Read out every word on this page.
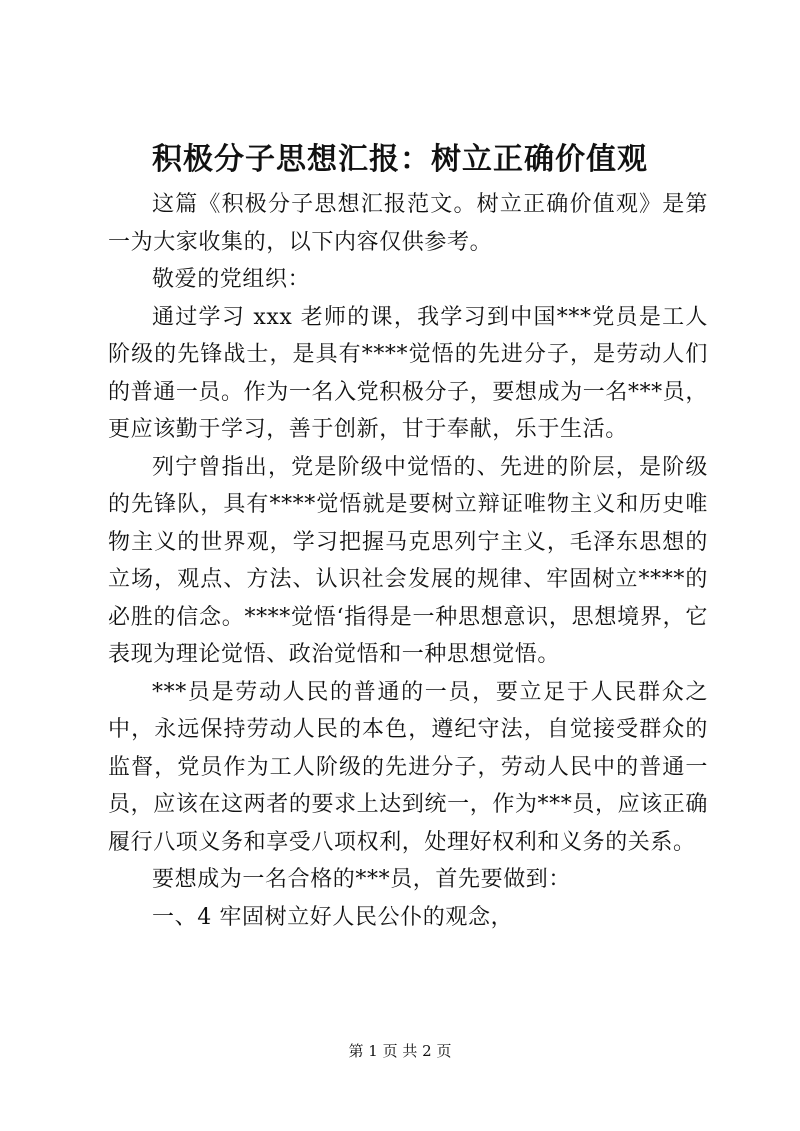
积极分子思想汇报：树立正确价值观

这篇《积极分子思想汇报范文。树立正确价值观》是第一为大家收集的，以下内容仅供参考。

敬爱的党组织：

通过学习 xxx 老师的课，我学习到中国***党员是工人阶级的先锋战士，是具有****觉悟的先进分子，是劳动人们的普通一员。作为一名入党积极分子，要想成为一名***员，更应该勤于学习，善于创新，甘于奉献，乐于生活。

列宁曾指出，党是阶级中觉悟的、先进的阶层，是阶级的先锋队，具有****觉悟就是要树立辩证唯物主义和历史唯物主义的世界观，学习把握马克思列宁主义，毛泽东思想的立场，观点、方法、认识社会发展的规律、牢固树立****的必胜的信念。****觉悟‘指得是一种思想意识，思想境界，它表现为理论觉悟、政治觉悟和一种思想觉悟。

***员是劳动人民的普通的一员，要立足于人民群众之中，永远保持劳动人民的本色，遵纪守法，自觉接受群众的监督，党员作为工人阶级的先进分子，劳动人民中的普通一员，应该在这两者的要求上达到统一，作为***员，应该正确履行八项义务和享受八项权利，处理好权利和义务的关系。

要想成为一名合格的***员，首先要做到：

一、4 牢固树立好人民公仆的观念，

第 1 页 共 2 页
